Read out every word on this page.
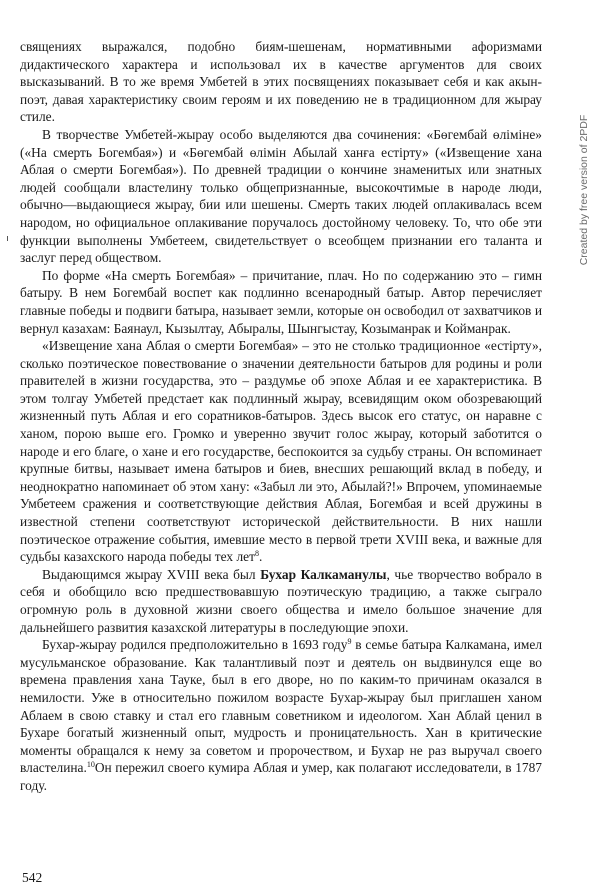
священиях выражался, подобно биям-шешенам, нормативными афоризмами дидактического характера и использовал их в качестве аргументов для своих высказываний. В то же время Умбетей в этих посвящениях показывает себя и как акын-поэт, давая характеристику своим героям и их поведению не в традиционном для жырау стиле.

В творчестве Умбетей-жырау особо выделяются два сочинения: «Бөгембай өліміне» («На смерть Богембая») и «Бөгембай өлімін Абылай ханға естірту» («Извещение хана Аблая о смерти Богембая»). По древней традиции о кончине знаменитых или знатных людей сообщали властелину только общепризнанные, высокочтимые в народе люди, обычно—выдающиеся жырау, бии или шешены. Смерть таких людей оплакивалась всем народом, но официальное оплакивание поручалось достойному человеку. То, что обе эти функции выполнены Умбетеем, свидетельствует о всеобщем признании его таланта и заслуг перед обществом.

По форме «На смерть Богембая» – причитание, плач. Но по содержанию это – гимн батыру. В нем Богембай воспет как подлинно всенародный батыр. Автор перечисляет главные победы и подвиги батыра, называет земли, которые он освободил от захватчиков и вернул казахам: Баянаул, Кызылтау, Абыралы, Шынгыстау, Козыманрак и Койманрак.

«Извещение хана Аблая о смерти Богембая» – это не столько традиционное «естірту», сколько поэтическое повествование о значении деятельности батыров для родины и роли правителей в жизни государства, это – раздумье об эпохе Аблая и ее характеристика. В этом толгау Умбетей предстает как подлинный жырау, всевидящим оком обозревающий жизненный путь Аблая и его соратников-батыров. Здесь высок его статус, он наравне с ханом, порою выше его. Громко и уверенно звучит голос жырау, который заботится о народе и его благе, о хане и его государстве, беспокоится за судьбу страны. Он вспоминает крупные битвы, называет имена батыров и биев, внесших решающий вклад в победу, и неоднократно напоминает об этом хану: «Забыл ли это, Абылай?!» Впрочем, упоминаемые Умбетеем сражения и соответствующие действия Аблая, Богембая и всей дружины в известной степени соответствуют исторической действительности. В них нашли поэтическое отражение события, имевшие место в первой трети XVIII века, и важные для судьбы казахского народа победы тех лет$^8$.

Выдающимся жырау XVIII века был Бухар Калкаманулы, чье творчество вобрало в себя и обобщило всю предшествовавшую поэтическую традицию, а также сыграло огромную роль в духовной жизни своего общества и имело большое значение для дальнейшего развития казахской литературы в последующие эпохи.

Бухар-жырау родился предположительно в 1693 году$^9$ в семье батыра Калкамана, имел мусульманское образование. Как талантливый поэт и деятель он выдвинулся еще во времена правления хана Тауке, был в его дворе, но по каким-то причинам оказался в немилости. Уже в относительно пожилом возрасте Бухар-жырау был приглашен ханом Аблаем в свою ставку и стал его главным советником и идеологом. Хан Аблай ценил в Бухаре богатый жизненный опыт, мудрость и проницательность. Хан в критические моменты обращался к нему за советом и пророчеством, и Бухар не раз выручал своего властелина.$^{10}$Он пережил своего кумира Аблая и умер, как полагают исследователи, в 1787 году.

Created by free version of 2PDF
542
